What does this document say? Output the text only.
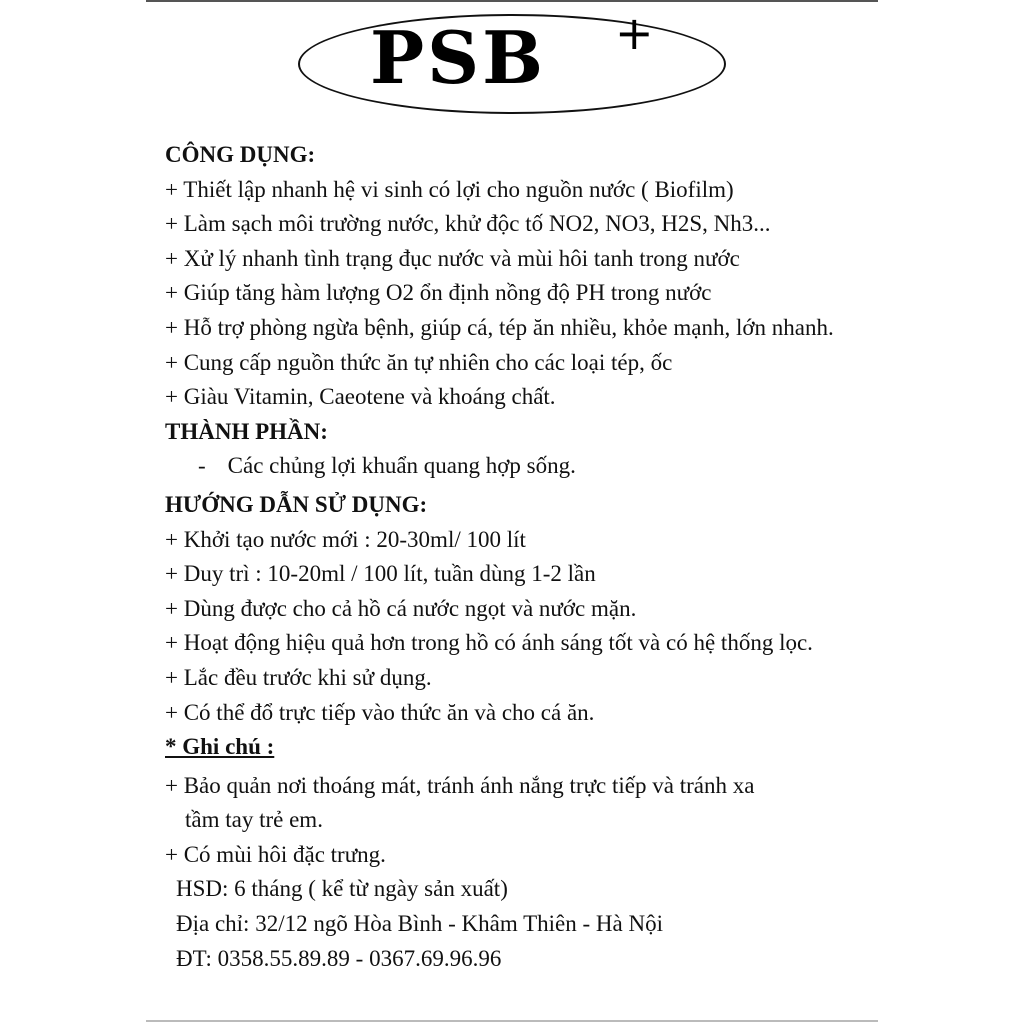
PSB +
CÔNG DỤNG:
+ Thiết lập nhanh hệ vi sinh có lợi cho nguồn nước ( Biofilm)
+ Làm sạch môi trường nước, khử độc tố NO2, NO3, H2S, Nh3...
+ Xử lý nhanh tình trạng đục nước và mùi hôi tanh trong nước
+ Giúp tăng hàm lượng O2 ổn định nồng độ PH trong nước
+ Hỗ trợ phòng ngừa bệnh, giúp cá, tép ăn nhiều, khỏe mạnh, lớn nhanh.
+ Cung cấp nguồn thức ăn tự nhiên cho các loại tép, ốc
+ Giàu Vitamin, Caeotene và khoáng chất.
THÀNH PHẦN:
- Các chủng lợi khuẩn quang hợp sống.
HƯỚNG DẪN SỬ DỤNG:
+ Khởi tạo nước mới : 20-30ml/ 100 lít
+ Duy trì : 10-20ml / 100 lít, tuần dùng 1-2 lần
+ Dùng được cho cả hồ cá nước ngọt và nước mặn.
+ Hoạt động hiệu quả hơn trong hồ có ánh sáng tốt và có hệ thống lọc.
+ Lắc đều trước khi sử dụng.
+ Có thể đổ trực tiếp vào thức ăn và cho cá ăn.
* Ghi chú :
+ Bảo quản nơi thoáng mát, tránh ánh nắng trực tiếp và tránh xa
tầm tay trẻ em.
+ Có mùi hôi đặc trưng.
HSD: 6 tháng ( kể từ ngày sản xuất)
Địa chỉ: 32/12 ngõ Hòa Bình - Khâm Thiên - Hà Nội
ĐT: 0358.55.89.89 - 0367.69.96.96
